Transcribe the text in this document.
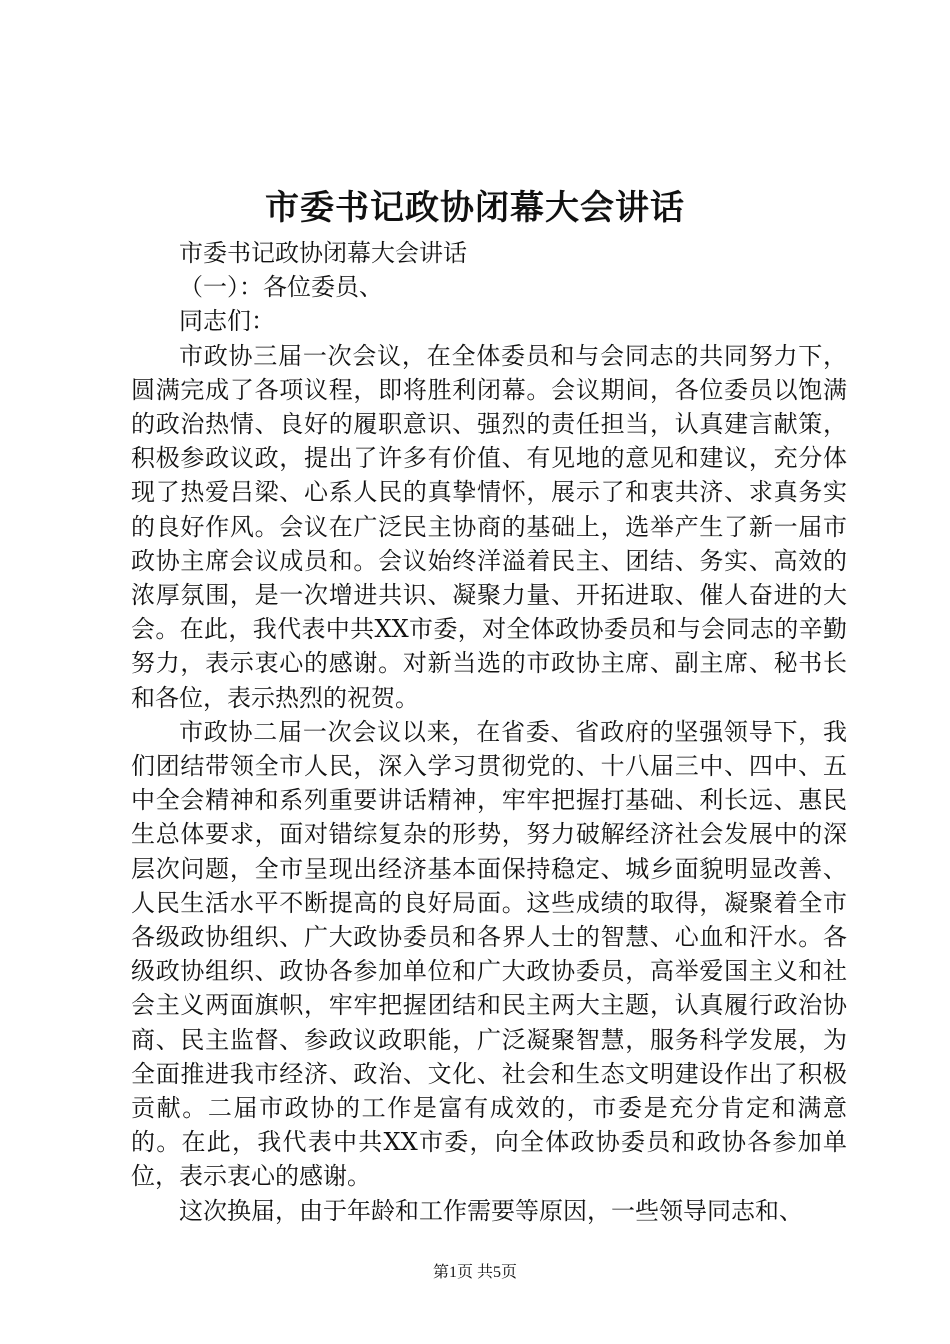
市委书记政协闭幕大会讲话

市委书记政协闭幕大会讲话

（一）：各位委员、

同志们：

市政协三届一次会议，在全体委员和与会同志的共同努力下，圆满完成了各项议程，即将胜利闭幕。会议期间，各位委员以饱满的政治热情、良好的履职意识、强烈的责任担当，认真建言献策，积极参政议政，提出了许多有价值、有见地的意见和建议，充分体现了热爱吕梁、心系人民的真挚情怀，展示了和衷共济、求真务实的良好作风。会议在广泛民主协商的基础上，选举产生了新一届市政协主席会议成员和。会议始终洋溢着民主、团结、务实、高效的浓厚氛围，是一次增进共识、凝聚力量、开拓进取、催人奋进的大会。在此，我代表中共XX市委，对全体政协委员和与会同志的辛勤努力，表示衷心的感谢。对新当选的市政协主席、副主席、秘书长和各位，表示热烈的祝贺。

市政协二届一次会议以来，在省委、省政府的坚强领导下，我们团结带领全市人民，深入学习贯彻党的、十八届三中、四中、五中全会精神和系列重要讲话精神，牢牢把握打基础、利长远、惠民生总体要求，面对错综复杂的形势，努力破解经济社会发展中的深层次问题，全市呈现出经济基本面保持稳定、城乡面貌明显改善、人民生活水平不断提高的良好局面。这些成绩的取得，凝聚着全市各级政协组织、广大政协委员和各界人士的智慧、心血和汗水。各级政协组织、政协各参加单位和广大政协委员，高举爱国主义和社会主义两面旗帜，牢牢把握团结和民主两大主题，认真履行政治协商、民主监督、参政议政职能，广泛凝聚智慧，服务科学发展，为全面推进我市经济、政治、文化、社会和生态文明建设作出了积极贡献。二届市政协的工作是富有成效的，市委是充分肯定和满意的。在此，我代表中共XX市委，向全体政协委员和政协各参加单位，表示衷心的感谢。

这次换届，由于年龄和工作需要等原因，一些领导同志和、

第1页 共5页
